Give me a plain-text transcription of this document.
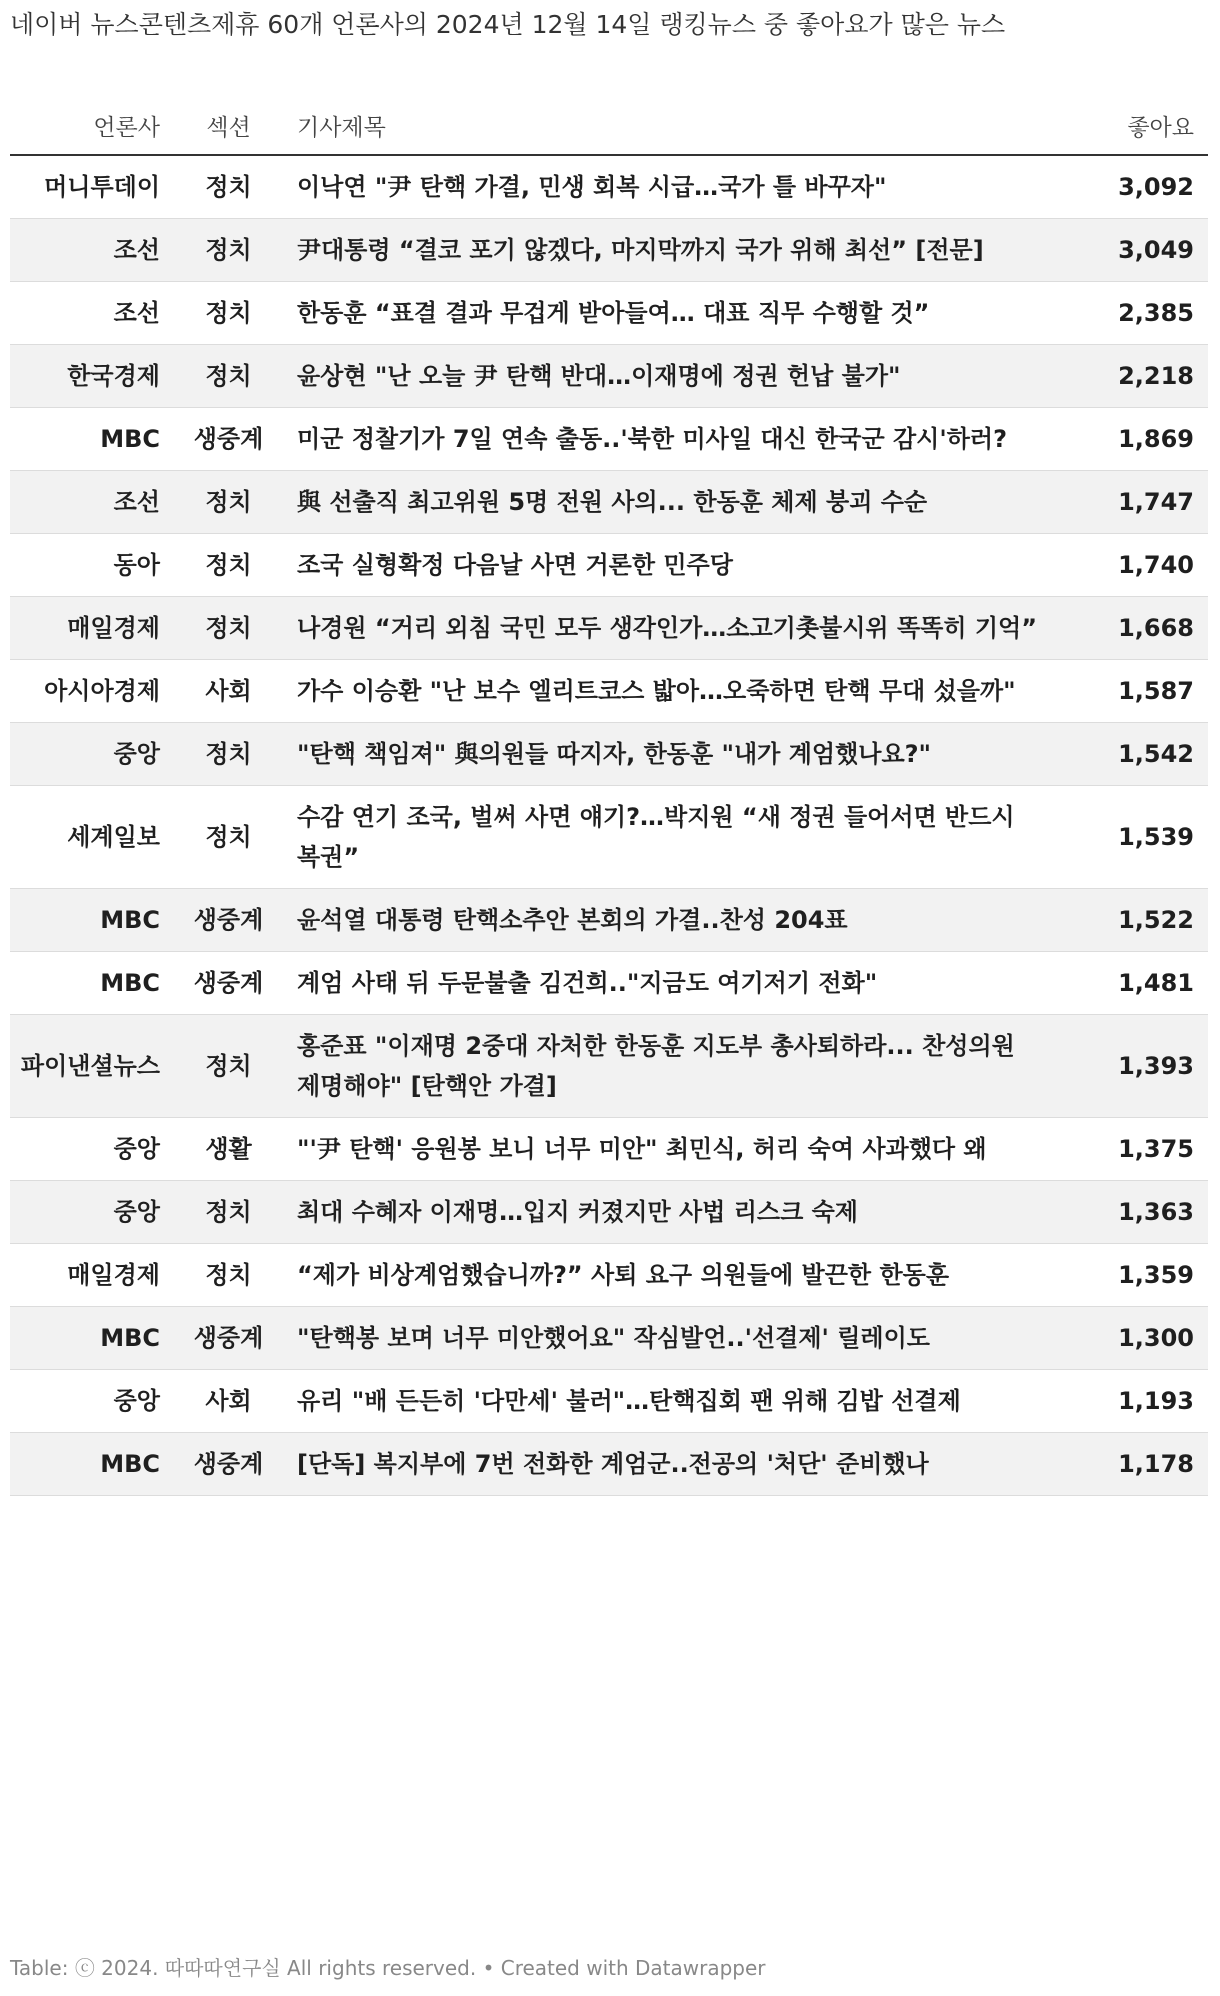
네이버 뉴스콘텐츠제휴 60개 언론사의 2024년 12월 14일 랭킹뉴스 중 좋아요가 많은 뉴스
언론사	섹션	기사제목	좋아요
머니투데이	정치	이낙연 "尹 탄핵 가결, 민생 회복 시급…국가 틀 바꾸자"	3,092
조선	정치	尹대통령 “결코 포기 않겠다, 마지막까지 국가 위해 최선” [전문]	3,049
조선	정치	한동훈 “표결 결과 무겁게 받아들여… 대표 직무 수행할 것”	2,385
한국경제	정치	윤상현 "난 오늘 尹 탄핵 반대…이재명에 정권 헌납 불가"	2,218
MBC	생중계	미군 정찰기가 7일 연속 출동..'북한 미사일 대신 한국군 감시'하러?	1,869
조선	정치	與 선출직 최고위원 5명 전원 사의... 한동훈 체제 붕괴 수순	1,747
동아	정치	조국 실형확정 다음날 사면 거론한 민주당	1,740
매일경제	정치	나경원 “거리 외침 국민 모두 생각인가…소고기촛불시위 똑똑히 기억”	1,668
아시아경제	사회	가수 이승환 "난 보수 엘리트코스 밟아…오죽하면 탄핵 무대 섰을까"	1,587
중앙	정치	"탄핵 책임져" 與의원들 따지자, 한동훈 "내가 계엄했나요?"	1,542
세계일보	정치	수감 연기 조국, 벌써 사면 얘기?…박지원 “새 정권 들어서면 반드시 복권”	1,539
MBC	생중계	윤석열 대통령 탄핵소추안 본회의 가결..찬성 204표	1,522
MBC	생중계	계엄 사태 뒤 두문불출 김건희.."지금도 여기저기 전화"	1,481
파이낸셜뉴스	정치	홍준표 "이재명 2중대 자처한 한동훈 지도부 총사퇴하라... 찬성의원 제명해야" [탄핵안 가결]	1,393
중앙	생활	"'尹 탄핵' 응원봉 보니 너무 미안" 최민식, 허리 숙여 사과했다 왜	1,375
중앙	정치	최대 수혜자 이재명…입지 커졌지만 사법 리스크 숙제	1,363
매일경제	정치	“제가 비상계엄했습니까?” 사퇴 요구 의원들에 발끈한 한동훈	1,359
MBC	생중계	"탄핵봉 보며 너무 미안했어요" 작심발언..'선결제' 릴레이도	1,300
중앙	사회	유리 "배 든든히 '다만세' 불러"…탄핵집회 팬 위해 김밥 선결제	1,193
MBC	생중계	[단독] 복지부에 7번 전화한 계엄군..전공의 '처단' 준비했나	1,178
Table: ⓒ 2024. 따따따연구실 All rights reserved. • Created with Datawrapper
